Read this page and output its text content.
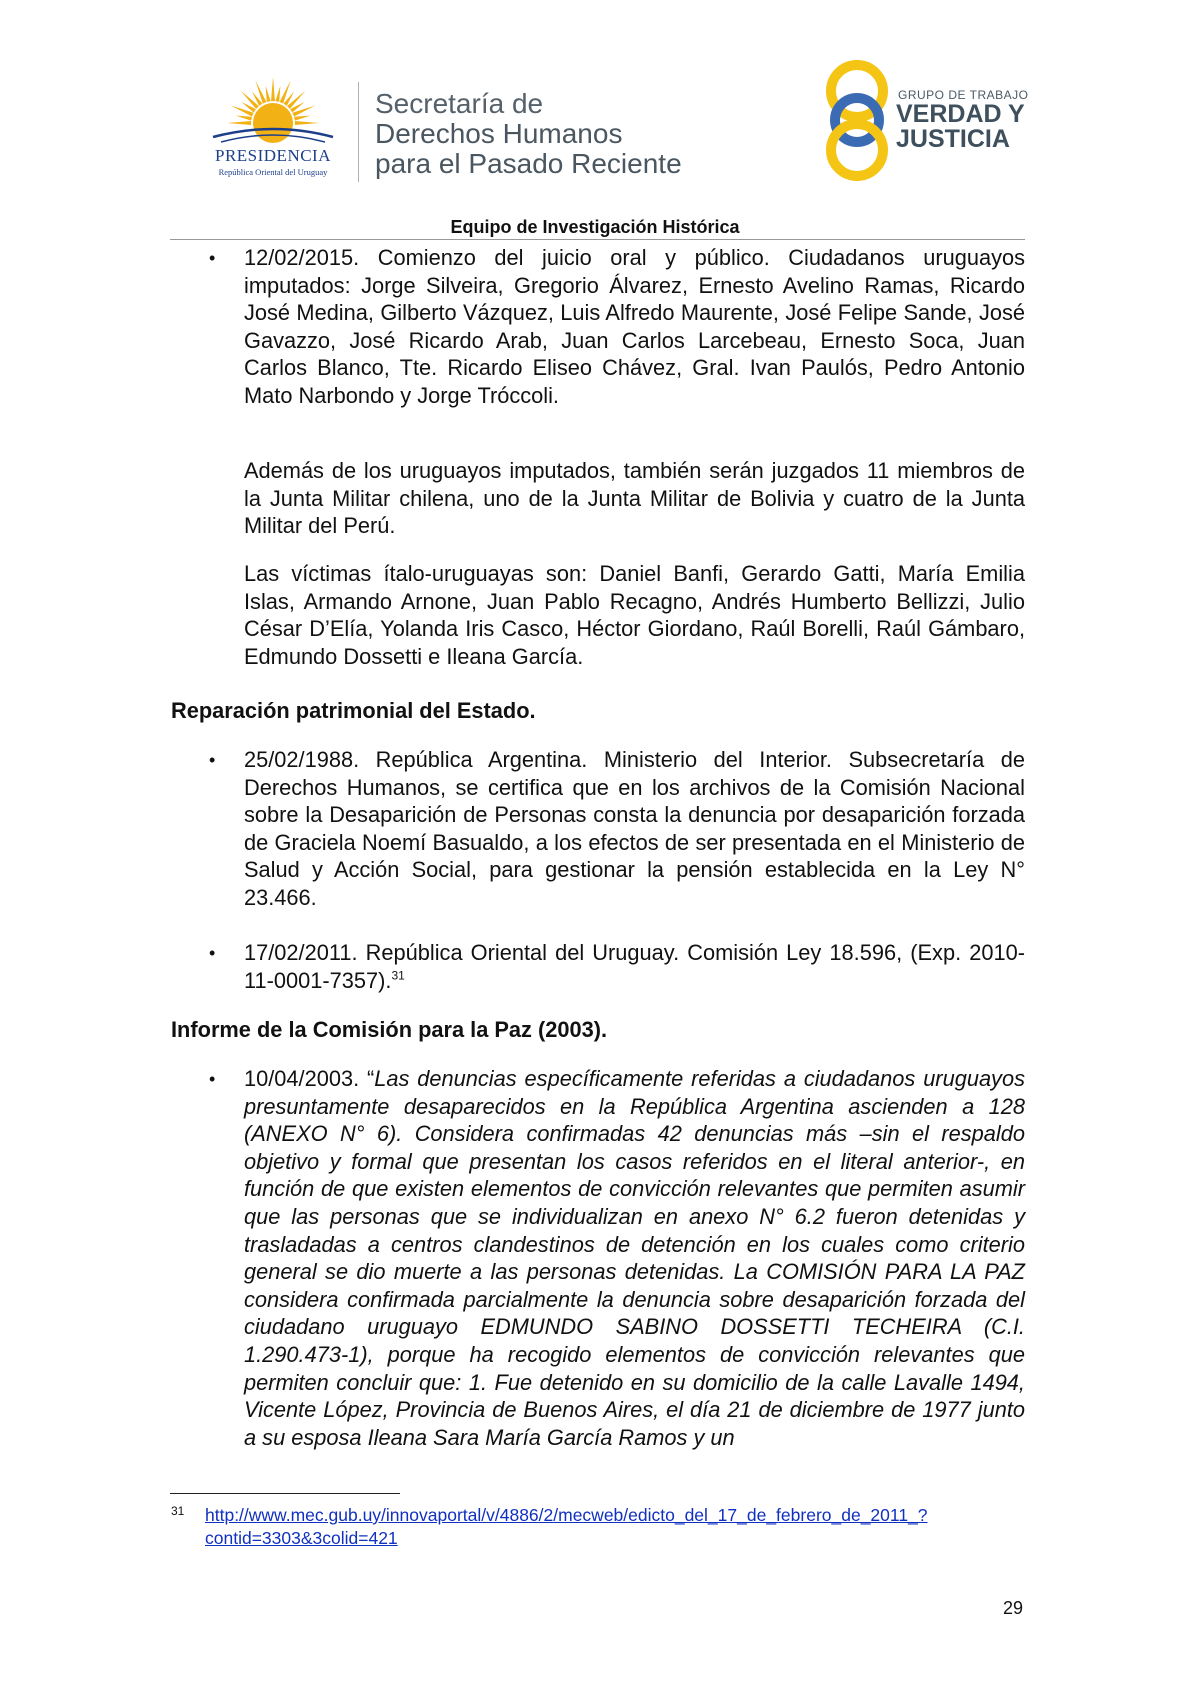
PRESIDENCIA
República Oriental del Uruguay
Secretaría de
Derechos Humanos
para el Pasado Reciente
GRUPO DE TRABAJO
VERDAD Y
JUSTICIA
Equipo de Investigación Histórica
• 12/02/2015. Comienzo del juicio oral y público. Ciudadanos uruguayos imputados: Jorge Silveira, Gregorio Álvarez, Ernesto Avelino Ramas, Ricardo José Medina, Gilberto Vázquez, Luis Alfredo Maurente, José Felipe Sande, José Gavazzo, José Ricardo Arab, Juan Carlos Larcebeau, Ernesto Soca, Juan Carlos Blanco, Tte. Ricardo Eliseo Chávez, Gral. Ivan Paulós, Pedro Antonio Mato Narbondo y Jorge Tróccoli.
Además de los uruguayos imputados, también serán juzgados 11 miembros de la Junta Militar chilena, uno de la Junta Militar de Bolivia y cuatro de la Junta Militar del Perú.
Las víctimas ítalo-uruguayas son: Daniel Banfi, Gerardo Gatti, María Emilia Islas, Armando Arnone, Juan Pablo Recagno, Andrés Humberto Bellizzi, Julio César D’Elía, Yolanda Iris Casco, Héctor Giordano, Raúl Borelli, Raúl Gámbaro, Edmundo Dossetti e Ileana García.
Reparación patrimonial del Estado.
• 25/02/1988. República Argentina. Ministerio del Interior. Subsecretaría de Derechos Humanos, se certifica que en los archivos de la Comisión Nacional sobre la Desaparición de Personas consta la denuncia por desaparición forzada de Graciela Noemí Basualdo, a los efectos de ser presentada en el Ministerio de Salud y Acción Social, para gestionar la pensión establecida en la Ley N° 23.466.
• 17/02/2011. República Oriental del Uruguay. Comisión Ley 18.596, (Exp. 2010-11-0001-7357).$^{31}$
Informe de la Comisión para la Paz (2003).
• 10/04/2003. “Las denuncias específicamente referidas a ciudadanos uruguayos presuntamente desaparecidos en la República Argentina ascienden a 128 (ANEXO N° 6). Considera confirmadas 42 denuncias más –sin el respaldo objetivo y formal que presentan los casos referidos en el literal anterior-, en función de que existen elementos de convicción relevantes que permiten asumir que las personas que se individualizan en anexo N° 6.2 fueron detenidas y trasladadas a centros clandestinos de detención en los cuales como criterio general se dio muerte a las personas detenidas. La COMISIÓN PARA LA PAZ considera confirmada parcialmente la denuncia sobre desaparición forzada del ciudadano uruguayo EDMUNDO SABINO DOSSETTI TECHEIRA (C.I. 1.290.473-1), porque ha recogido elementos de convicción relevantes que permiten concluir que: 1. Fue detenido en su domicilio de la calle Lavalle 1494, Vicente López, Provincia de Buenos Aires, el día 21 de diciembre de 1977 junto a su esposa Ileana Sara María García Ramos y un
31 http://www.mec.gub.uy/innovaportal/v/4886/2/mecweb/edicto_del_17_de_febrero_de_2011_?contid=3303&3colid=421
29
